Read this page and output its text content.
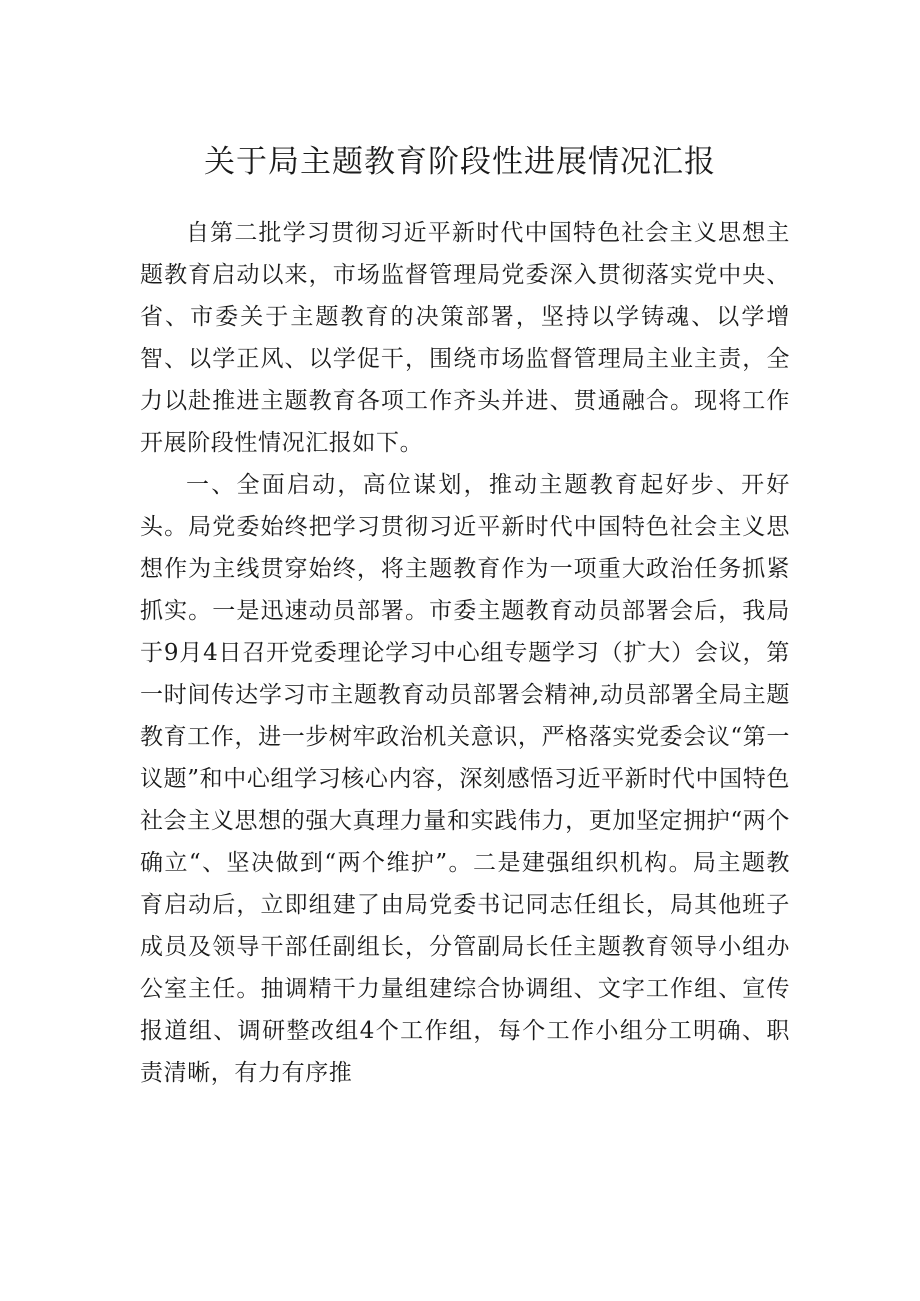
关于局主题教育阶段性进展情况汇报

自第二批学习贯彻习近平新时代中国特色社会主义思想主题教育启动以来，市场监督管理局党委深入贯彻落实党中央、省、市委关于主题教育的决策部署，坚持以学铸魂、以学增智、以学正风、以学促干，围绕市场监督管理局主业主责，全力以赴推进主题教育各项工作齐头并进、贯通融合。现将工作开展阶段性情况汇报如下。

一、全面启动，高位谋划，推动主题教育起好步、开好头。局党委始终把学习贯彻习近平新时代中国特色社会主义思想作为主线贯穿始终，将主题教育作为一项重大政治任务抓紧抓实。一是迅速动员部署。市委主题教育动员部署会后，我局于9月4日召开党委理论学习中心组专题学习（扩大）会议，第一时间传达学习市主题教育动员部署会精神,动员部署全局主题教育工作，进一步树牢政治机关意识，严格落实党委会议“第一议题”和中心组学习核心内容，深刻感悟习近平新时代中国特色社会主义思想的强大真理力量和实践伟力，更加坚定拥护“两个确立“、坚决做到“两个维护”。二是建强组织机构。局主题教育启动后，立即组建了由局党委书记同志任组长，局其他班子成员及领导干部任副组长，分管副局长任主题教育领导小组办公室主任。抽调精干力量组建综合协调组、文字工作组、宣传报道组、调研整改组4个工作组，每个工作小组分工明确、职责清晰，有力有序推
